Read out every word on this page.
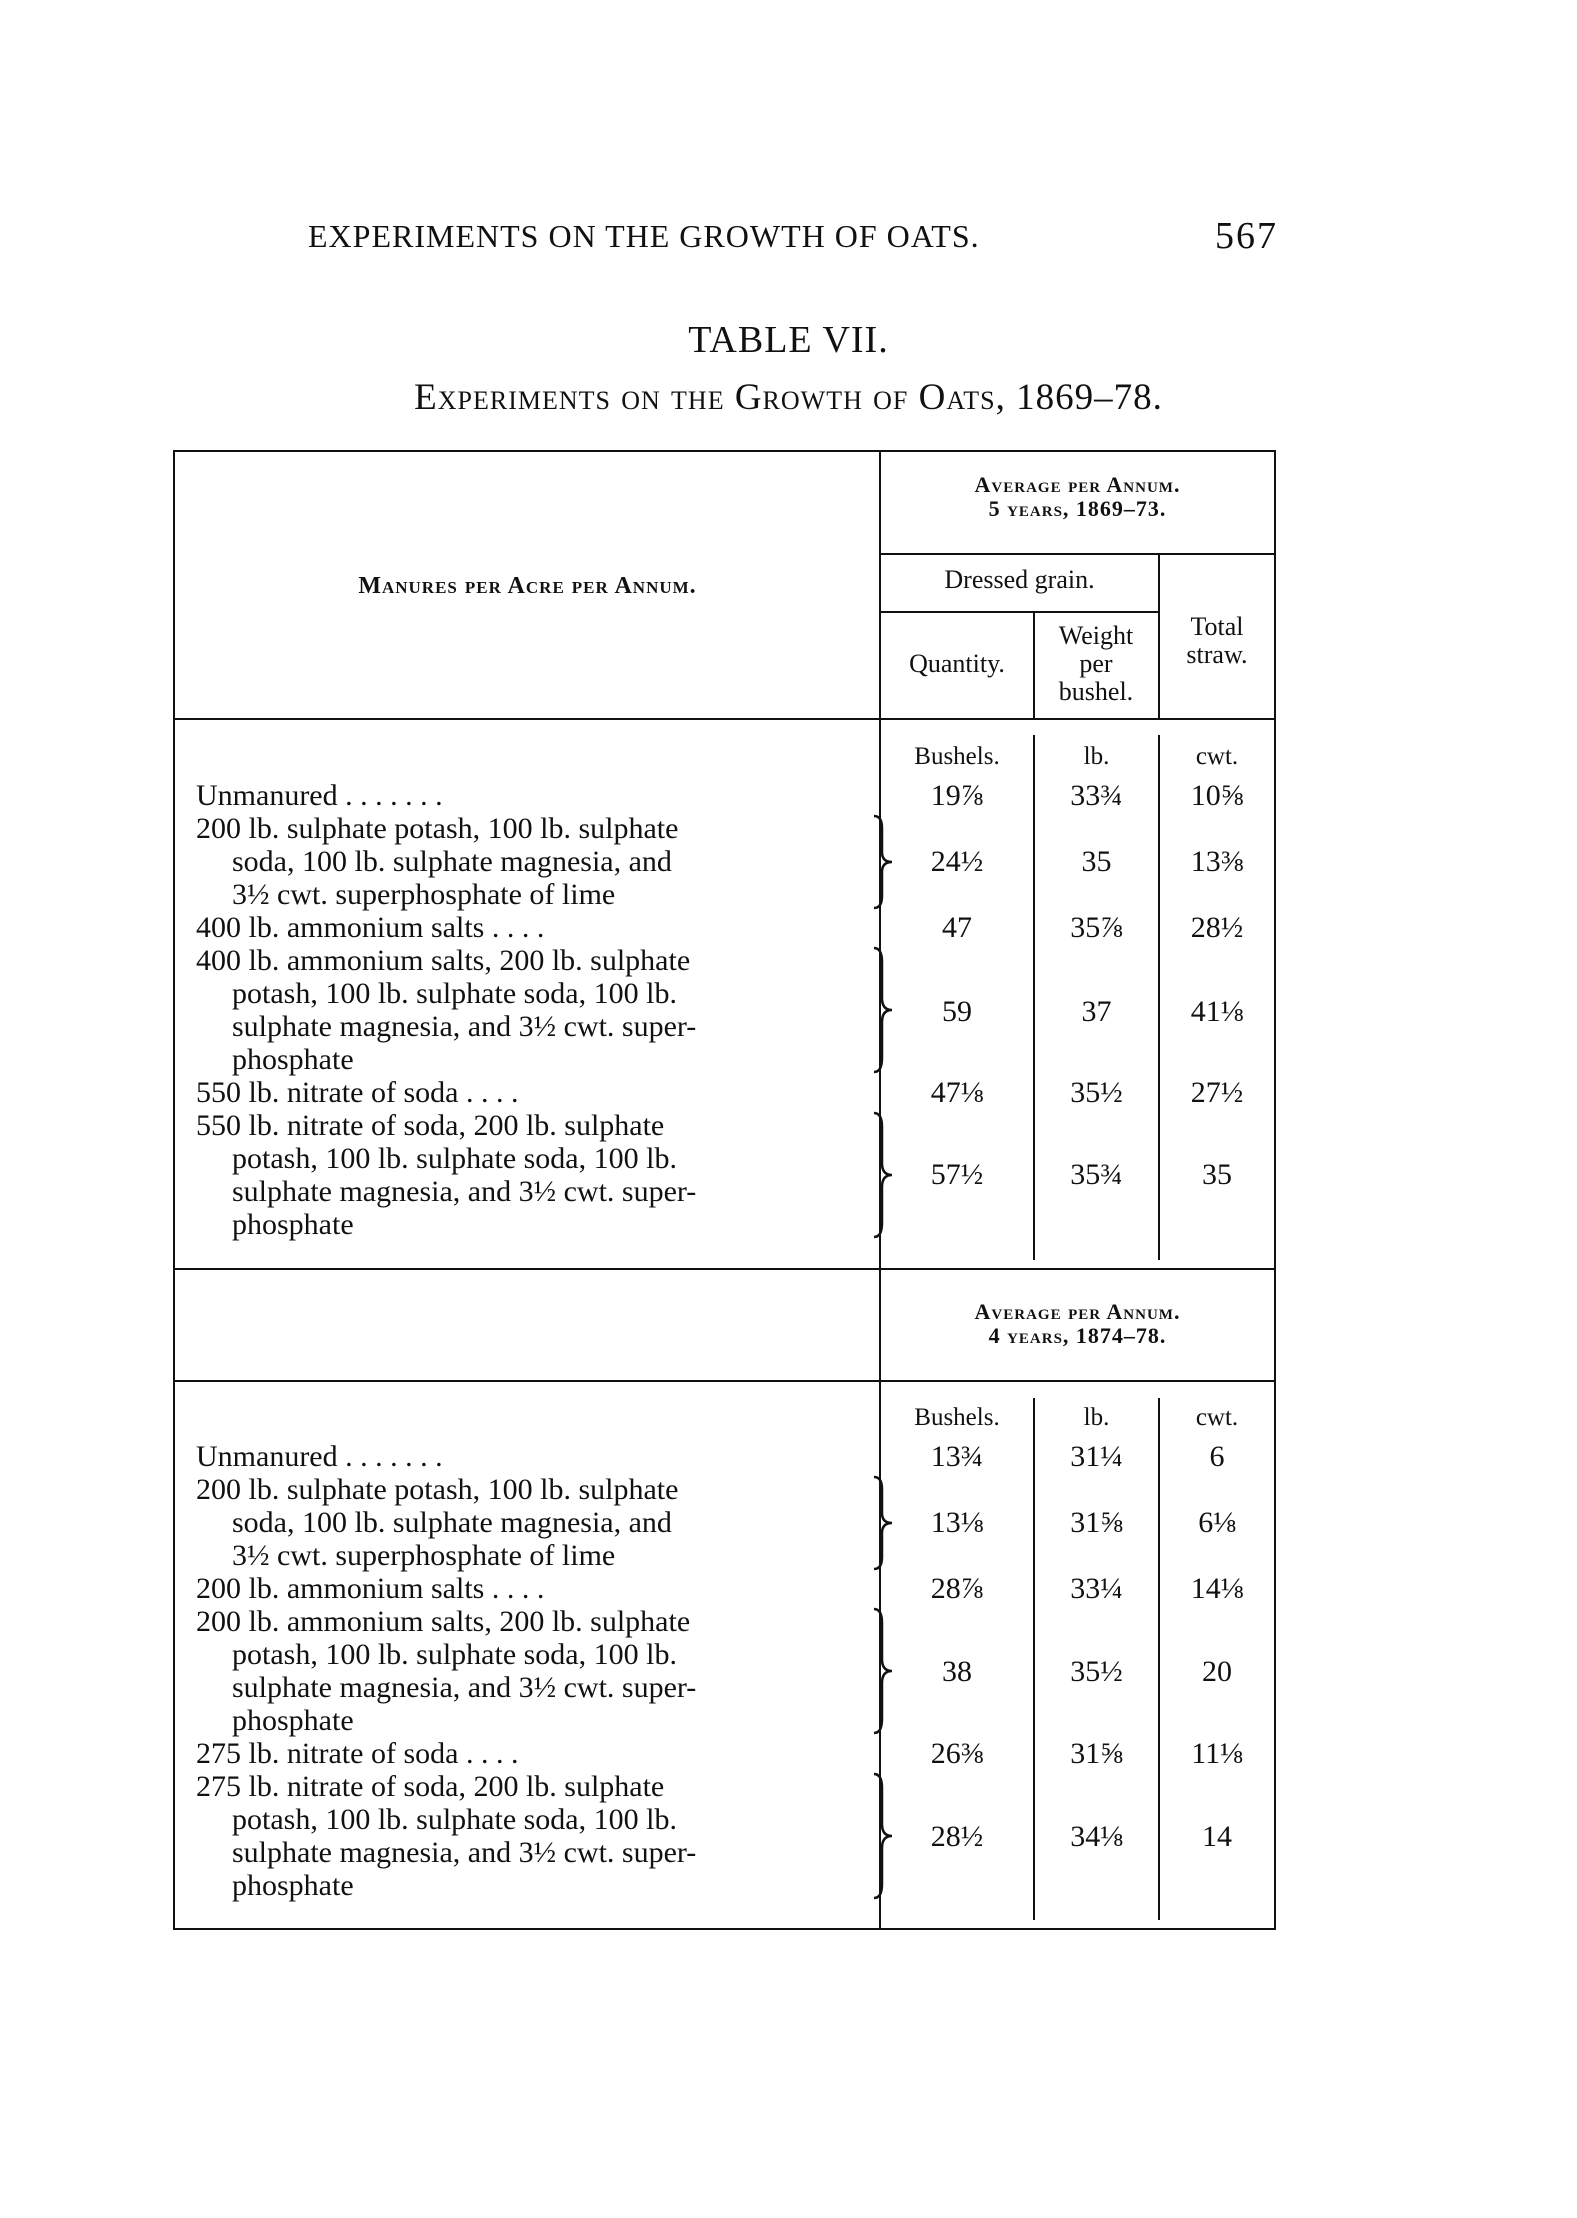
EXPERIMENTS ON THE GROWTH OF OATS.	567
TABLE VII.
Experiments on the Growth of Oats, 1869–78.
Manures per Acre per Annum.
Average per Annum.
5 years, 1869–73.
Dressed grain.
Quantity.
Weight per bushel.
Total straw.
Average per Annum.
4 years, 1874–78.
Bushels.	lb.	cwt.
Bushels.	lb.	cwt.
Unmanured . . . . . . .	19⅞	33¾	10⅝
200 lb. sulphate potash, 100 lb. sulphate
soda, 100 lb. sulphate magnesia, and
3½ cwt. superphosphate of lime
24½	35	13⅜
400 lb. ammonium salts . . . .	47	35⅞	28½
400 lb. ammonium salts, 200 lb. sulphate
potash, 100 lb. sulphate soda, 100 lb.
sulphate magnesia, and 3½ cwt. super-
phosphate
59	37	41⅛
550 lb. nitrate of soda . . . .	47⅛	35½	27½
550 lb. nitrate of soda, 200 lb. sulphate
potash, 100 lb. sulphate soda, 100 lb.
sulphate magnesia, and 3½ cwt. super-
phosphate
57½	35¾	35
Unmanured . . . . . . .	13¾	31¼	6
200 lb. sulphate potash, 100 lb. sulphate
soda, 100 lb. sulphate magnesia, and
3½ cwt. superphosphate of lime
13⅛	31⅝	6⅛
200 lb. ammonium salts . . . .	28⅞	33¼	14⅛
200 lb. ammonium salts, 200 lb. sulphate
potash, 100 lb. sulphate soda, 100 lb.
sulphate magnesia, and 3½ cwt. super-
phosphate
38	35½	20
275 lb. nitrate of soda . . . .	26⅜	31⅝	11⅛
275 lb. nitrate of soda, 200 lb. sulphate
potash, 100 lb. sulphate soda, 100 lb.
sulphate magnesia, and 3½ cwt. super-
phosphate
28½	34⅛	14
